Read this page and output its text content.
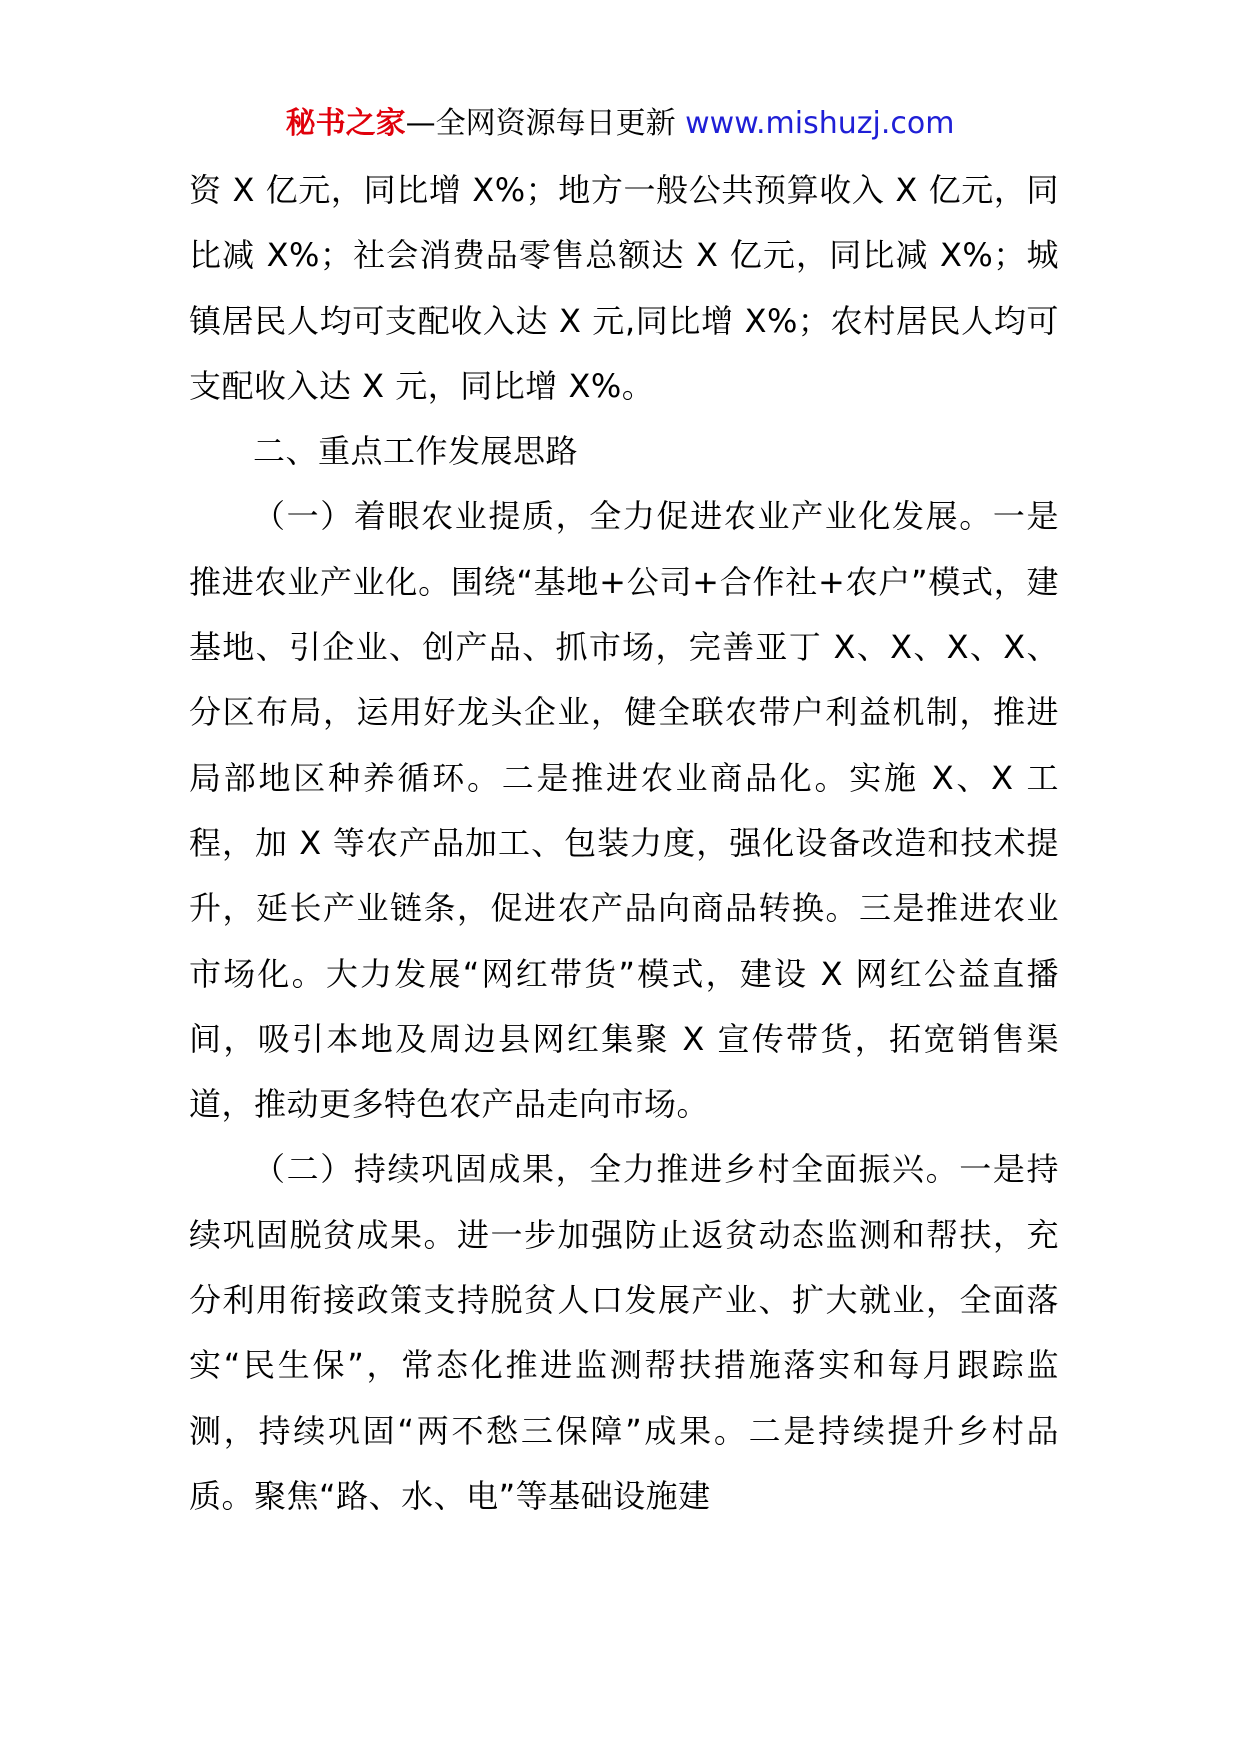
秘书之家—全网资源每日更新 www.mishuzj.com

资 X 亿元，同比增 X%；地方一般公共预算收入 X 亿元，同比减 X%；社会消费品零售总额达 X 亿元，同比减 X%；城镇居民人均可支配收入达 X 元,同比增 X%；农村居民人均可支配收入达 X 元，同比增 X%。

二、重点工作发展思路

（一）着眼农业提质，全力促进农业产业化发展。一是推进农业产业化。围绕“基地+公司+合作社+农户”模式，建基地、引企业、创产品、抓市场，完善亚丁 X、X、X、X、分区布局，运用好龙头企业，健全联农带户利益机制，推进局部地区种养循环。二是推进农业商品化。实施 X、X 工程，加 X 等农产品加工、包装力度，强化设备改造和技术提升，延长产业链条，促进农产品向商品转换。三是推进农业市场化。大力发展“网红带货”模式，建设 X 网红公益直播间，吸引本地及周边县网红集聚 X 宣传带货，拓宽销售渠道，推动更多特色农产品走向市场。

（二）持续巩固成果，全力推进乡村全面振兴。一是持续巩固脱贫成果。进一步加强防止返贫动态监测和帮扶，充分利用衔接政策支持脱贫人口发展产业、扩大就业，全面落实“民生保”，常态化推进监测帮扶措施落实和每月跟踪监测，持续巩固“两不愁三保障”成果。二是持续提升乡村品质。聚焦“路、水、电”等基础设施建
